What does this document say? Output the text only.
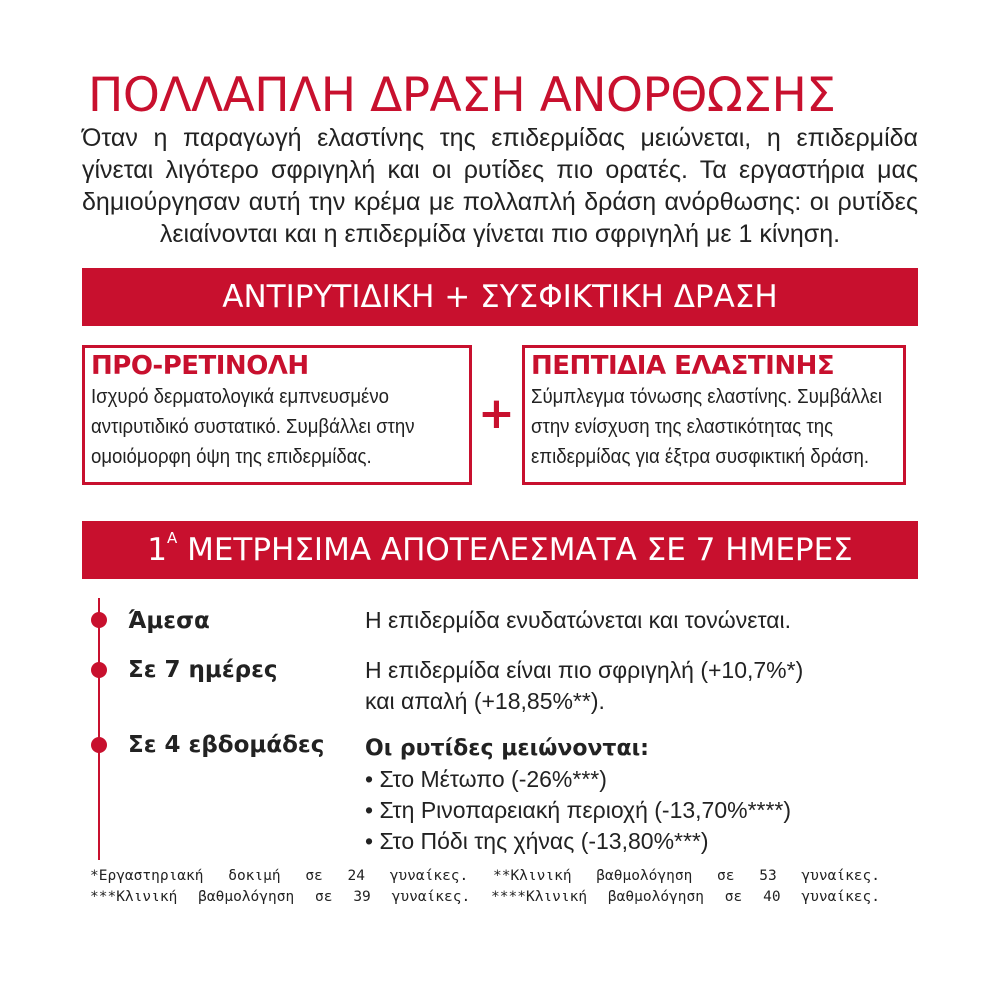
ΠΟΛΛΑΠΛΗ ΔΡΑΣΗ ΑΝΟΡΘΩΣΗΣ

Όταν η παραγωγή ελαστίνης της επιδερμίδας μειώνεται, η επιδερμίδα γίνεται λιγότερο σφριγηλή και οι ρυτίδες πιο ορατές. Τα εργαστήρια μας δημιούργησαν αυτή την κρέμα με πολλαπλή δράση ανόρθωσης: οι ρυτίδες λειαίνονται και η επιδερμίδα γίνεται πιο σφριγηλή με 1 κίνηση.

ΑΝΤΙΡΥΤΙΔΙΚΗ + ΣΥΣΦΙΚΤΙΚΗ ΔΡΑΣΗ
ΠΡΟ-ΡΕΤΙΝΟΛΗ
Ισχυρό δερματολογικά εμπνευσμένο αντιρυτιδικό συστατικό. Συμβάλλει στην ομοιόμορφη όψη της επιδερμίδας.
+
ΠΕΠΤΙΔΙΑ ΕΛΑΣΤΙΝΗΣ
Σύμπλεγμα τόνωσης ελαστίνης. Συμβάλλει στην ενίσχυση της ελαστικότητας της επιδερμίδας για έξτρα συσφικτική δράση.
$1^A$ ΜΕΤΡΗΣΙΜΑ ΑΠΟΤΕΛΕΣΜΑΤΑ ΣΕ 7 ΗΜΕΡΕΣ
Άμεσα	Η επιδερμίδα ενυδατώνεται και τονώνεται.
Σε 7 ημέρες	Η επιδερμίδα είναι πιο σφριγηλή (+10,7%*)
και απαλή (+18,85%**).
Σε 4 εβδομάδες Οι ρυτίδες μειώνονται:
• Στο Μέτωπο (-26%***)
• Στη Ρινοπαρειακή περιοχή (-13,70%****)
• Στο Πόδι της χήνας (-13,80%***)
*Εργαστηριακή δοκιμή σε 24 γυναίκες. **Κλινική βαθμολόγηση σε 53 γυναίκες.
***Κλινική βαθμολόγηση σε 39 γυναίκες. ****Κλινική βαθμολόγηση σε 40 γυναίκες.
